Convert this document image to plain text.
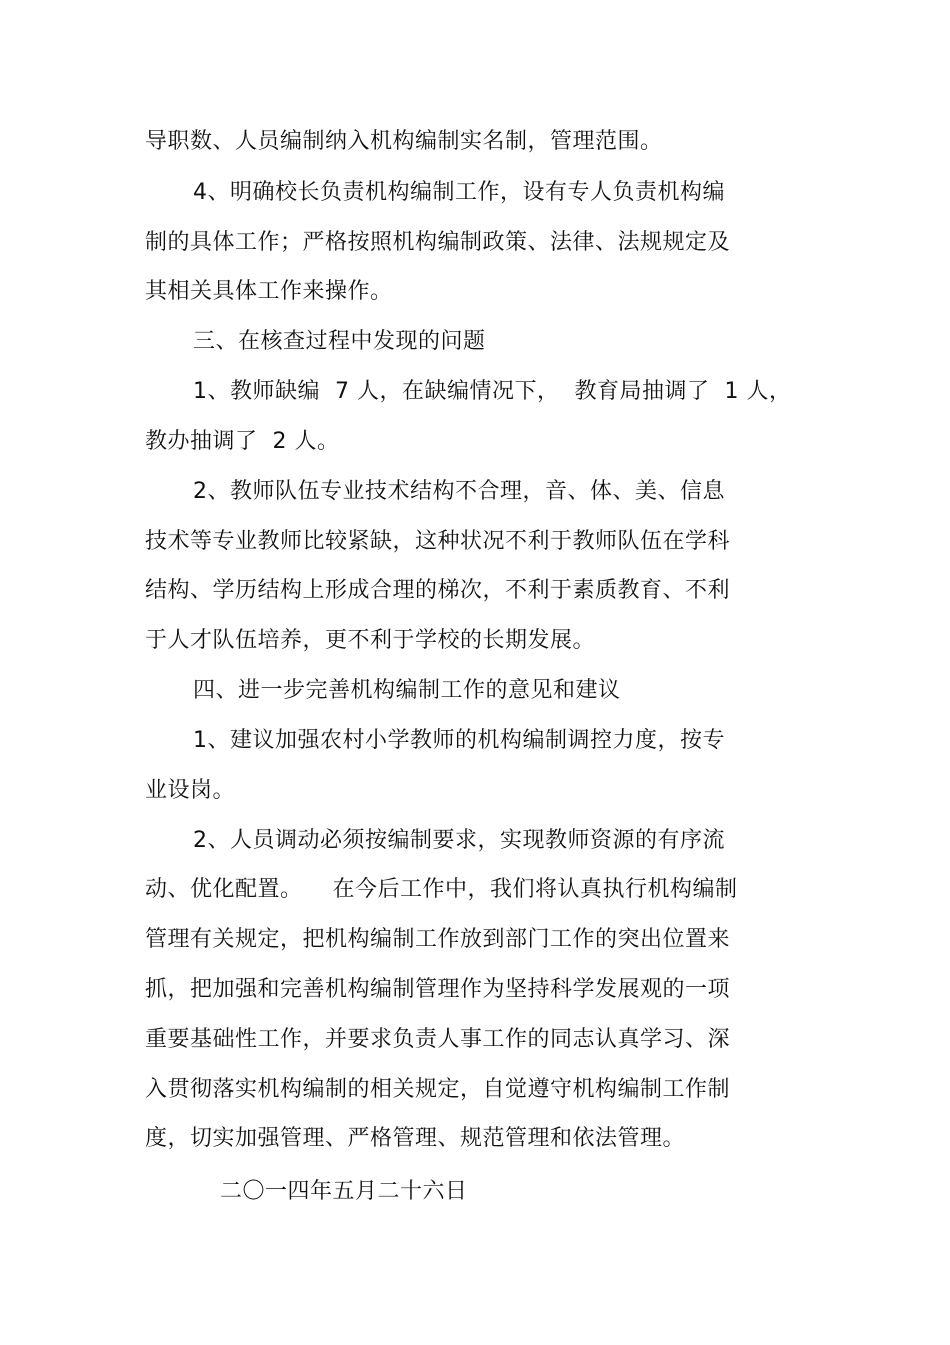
导职数、人员编制纳入机构编制实名制，管理范围。
4、明确校长负责机构编制工作，设有专人负责机构编
制的具体工作；严格按照机构编制政策、法律、法规规定及
其相关具体工作来操作。
三、在核查过程中发现的问题
1、教师缺编  7 人，在缺编情况下，  教育局抽调了  1 人，
教办抽调了  2 人。
2、教师队伍专业技术结构不合理，音、体、美、信息
技术等专业教师比较紧缺，这种状况不利于教师队伍在学科
结构、学历结构上形成合理的梯次，不利于素质教育、不利
于人才队伍培养，更不利于学校的长期发展。
四、进一步完善机构编制工作的意见和建议
1、建议加强农村小学教师的机构编制调控力度，按专
业设岗。
2、人员调动必须按编制要求，实现教师资源的有序流
动、优化配置。    在今后工作中，我们将认真执行机构编制
管理有关规定，把机构编制工作放到部门工作的突出位置来
抓，把加强和完善机构编制管理作为坚持科学发展观的一项
重要基础性工作，并要求负责人事工作的同志认真学习、深
入贯彻落实机构编制的相关规定，自觉遵守机构编制工作制
度，切实加强管理、严格管理、规范管理和依法管理。
二〇一四年五月二十六日
